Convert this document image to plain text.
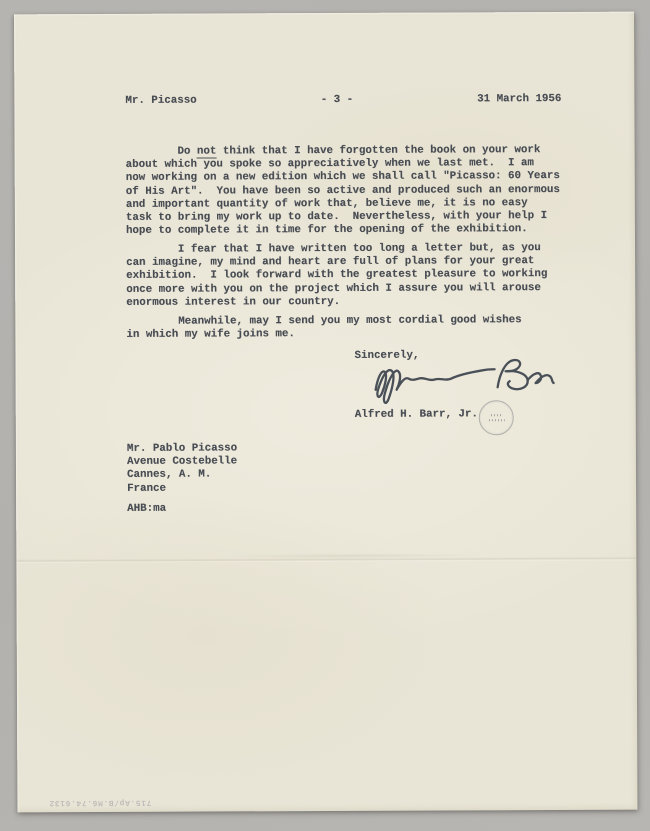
Mr. Picasso	- 3 -	31 March 1956

Do not think that I have forgotten the book on your work
about which you spoke so appreciatively when we last met.  I am
now working on a new edition which we shall call "Picasso: 60 Years
of His Art".  You have been so active and produced such an enormous
and important quantity of work that, believe me, it is no easy
task to bring my work up to date.  Nevertheless, with your help I
hope to complete it in time for the opening of the exhibition.

I fear that I have written too long a letter but, as you
can imagine, my mind and heart are full of plans for your great
exhibition.  I look forward with the greatest pleasure to working
once more with you on the project which I assure you will arouse
enormous interest in our country.

Meanwhile, may I send you my most cordial good wishes
in which my wife joins me.

Sincerely,
Alfred H. Barr, Jr.

Mr. Pablo Picasso
Avenue Costebelle
Cannes, A. M.
France

AHB:ma
715.Ap/B.M6.74.6132
